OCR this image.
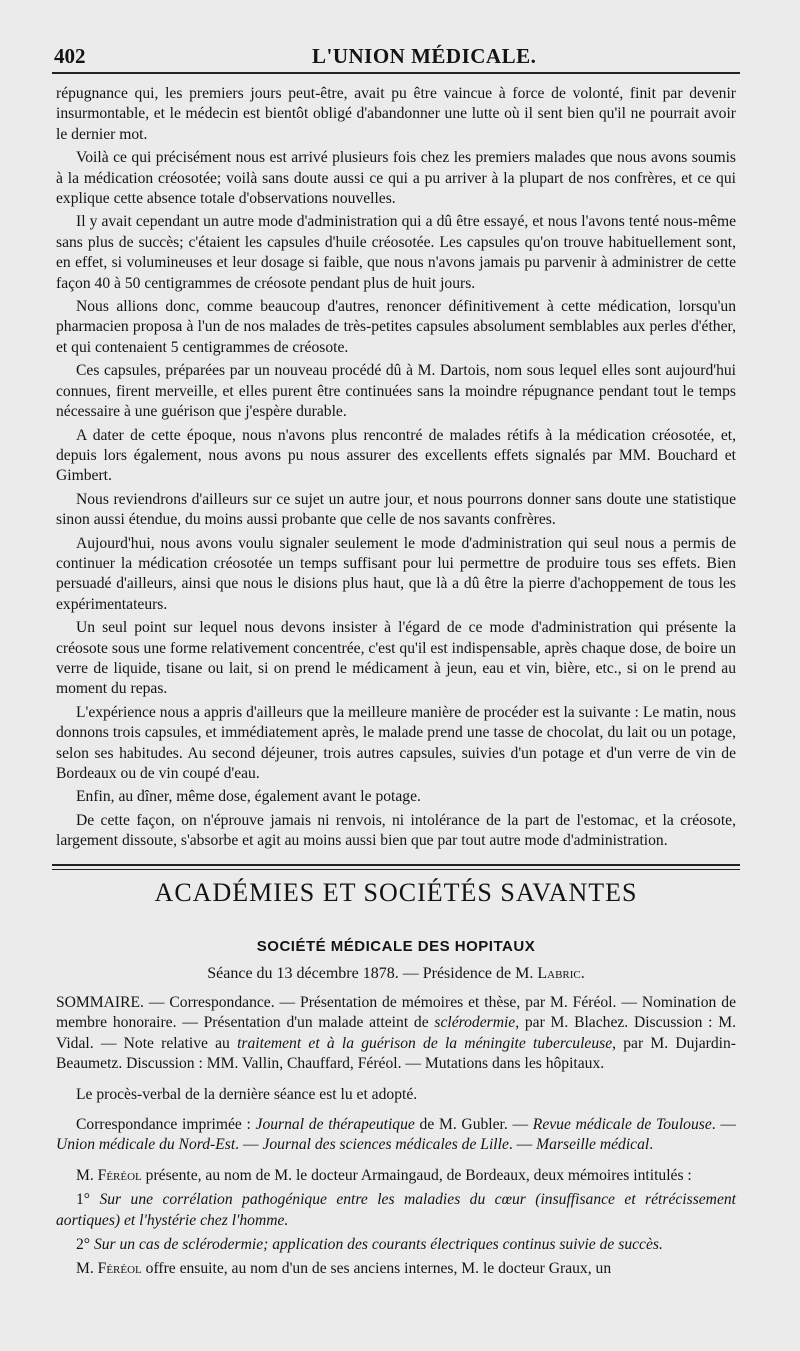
402	L'UNION MÉDICALE.

répugnance qui, les premiers jours peut-être, avait pu être vaincue à force de volonté, finit par devenir insurmontable, et le médecin est bientôt obligé d'abandonner une lutte où il sent bien qu'il ne pourrait avoir le dernier mot.

Voilà ce qui précisément nous est arrivé plusieurs fois chez les premiers malades que nous avons soumis à la médication créosotée; voilà sans doute aussi ce qui a pu arriver à la plupart de nos confrères, et ce qui explique cette absence totale d'observations nouvelles.

Il y avait cependant un autre mode d'administration qui a dû être essayé, et nous l'avons tenté nous-même sans plus de succès; c'étaient les capsules d'huile créosotée. Les capsules qu'on trouve habituellement sont, en effet, si volumineuses et leur dosage si faible, que nous n'avons jamais pu parvenir à administrer de cette façon 40 à 50 centigrammes de créosote pendant plus de huit jours.

Nous allions donc, comme beaucoup d'autres, renoncer définitivement à cette médication, lorsqu'un pharmacien proposa à l'un de nos malades de très-petites capsules absolument semblables aux perles d'éther, et qui contenaient 5 centigrammes de créosote.

Ces capsules, préparées par un nouveau procédé dû à M. Dartois, nom sous lequel elles sont aujourd'hui connues, firent merveille, et elles purent être continuées sans la moindre répugnance pendant tout le temps nécessaire à une guérison que j'espère durable.

A dater de cette époque, nous n'avons plus rencontré de malades rétifs à la médication créosotée, et, depuis lors également, nous avons pu nous assurer des excellents effets signalés par MM. Bouchard et Gimbert.

Nous reviendrons d'ailleurs sur ce sujet un autre jour, et nous pourrons donner sans doute une statistique sinon aussi étendue, du moins aussi probante que celle de nos savants confrères.

Aujourd'hui, nous avons voulu signaler seulement le mode d'administration qui seul nous a permis de continuer la médication créosotée un temps suffisant pour lui permettre de produire tous ses effets. Bien persuadé d'ailleurs, ainsi que nous le disions plus haut, que là a dû être la pierre d'achoppement de tous les expérimentateurs.

Un seul point sur lequel nous devons insister à l'égard de ce mode d'administration qui présente la créosote sous une forme relativement concentrée, c'est qu'il est indispensable, après chaque dose, de boire un verre de liquide, tisane ou lait, si on prend le médicament à jeun, eau et vin, bière, etc., si on le prend au moment du repas.

L'expérience nous a appris d'ailleurs que la meilleure manière de procéder est la suivante : Le matin, nous donnons trois capsules, et immédiatement après, le malade prend une tasse de chocolat, du lait ou un potage, selon ses habitudes. Au second déjeuner, trois autres capsules, suivies d'un potage et d'un verre de vin de Bordeaux ou de vin coupé d'eau.

Enfin, au dîner, même dose, également avant le potage.

De cette façon, on n'éprouve jamais ni renvois, ni intolérance de la part de l'estomac, et la créosote, largement dissoute, s'absorbe et agit au moins aussi bien que par tout autre mode d'administration.

ACADÉMIES ET SOCIÉTÉS SAVANTES
SOCIÉTÉ MÉDICALE DES HOPITAUX
Séance du 13 décembre 1878. — Présidence de M. Labric.

SOMMAIRE. — Correspondance. — Présentation de mémoires et thèse, par M. Féréol. — Nomination de membre honoraire. — Présentation d'un malade atteint de sclérodermie, par M. Blachez. Discussion : M. Vidal. — Note relative au traitement et à la guérison de la méningite tuberculeuse, par M. Dujardin-Beaumetz. Discussion : MM. Vallin, Chauffard, Féréol. — Mutations dans les hôpitaux.

Le procès-verbal de la dernière séance est lu et adopté.

Correspondance imprimée : Journal de thérapeutique de M. Gubler. — Revue médicale de Toulouse. — Union médicale du Nord-Est. — Journal des sciences médicales de Lille. — Marseille médical.

M. Féréol présente, au nom de M. le docteur Armaingaud, de Bordeaux, deux mémoires intitulés :

1° Sur une corrélation pathogénique entre les maladies du cœur (insuffisance et rétrécissement aortiques) et l'hystérie chez l'homme.

2° Sur un cas de sclérodermie; application des courants électriques continus suivie de succès.

M. Féréol offre ensuite, au nom d'un de ses anciens internes, M. le docteur Graux, un
